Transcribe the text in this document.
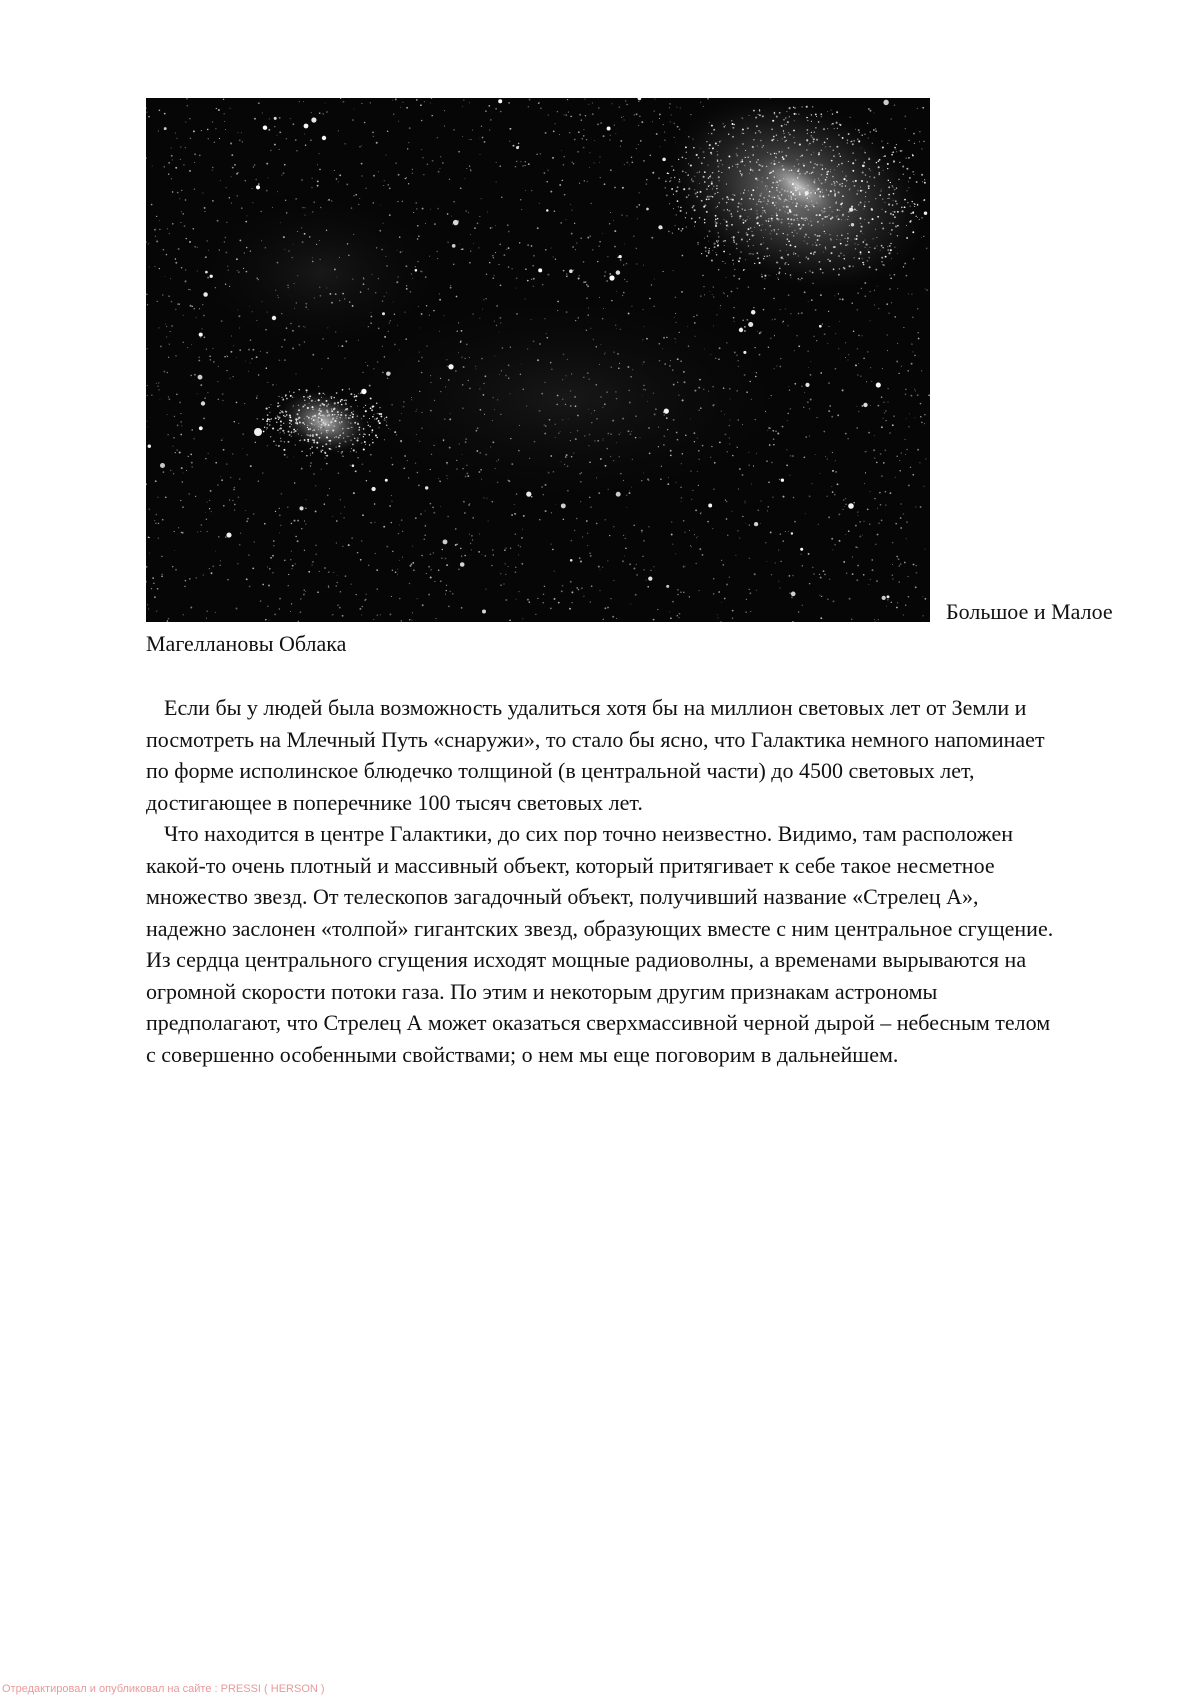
Большое и Малое
Магеллановы Облака
Если бы у людей была возможность удалиться хотя бы на миллион световых лет от Земли и
посмотреть на Млечный Путь «снаружи», то стало бы ясно, что Галактика немного напоминает
по форме исполинское блюдечко толщиной (в центральной части) до 4500 световых лет,
достигающее в поперечнике 100 тысяч световых лет.
Что находится в центре Галактики, до сих пор точно неизвестно. Видимо, там расположен
какой-то очень плотный и массивный объект, который притягивает к себе такое несметное
множество звезд. От телескопов загадочный объект, получивший название «Стрелец А»,
надежно заслонен «толпой» гигантских звезд, образующих вместе с ним центральное сгущение.
Из сердца центрального сгущения исходят мощные радиоволны, а временами вырываются на
огромной скорости потоки газа. По этим и некоторым другим признакам астрономы
предполагают, что Стрелец А может оказаться сверхмассивной черной дырой – небесным телом
с совершенно особенными свойствами; о нем мы еще поговорим в дальнейшем.
Отредактировал и опубликовал на сайте : PRESSI ( HERSON )
